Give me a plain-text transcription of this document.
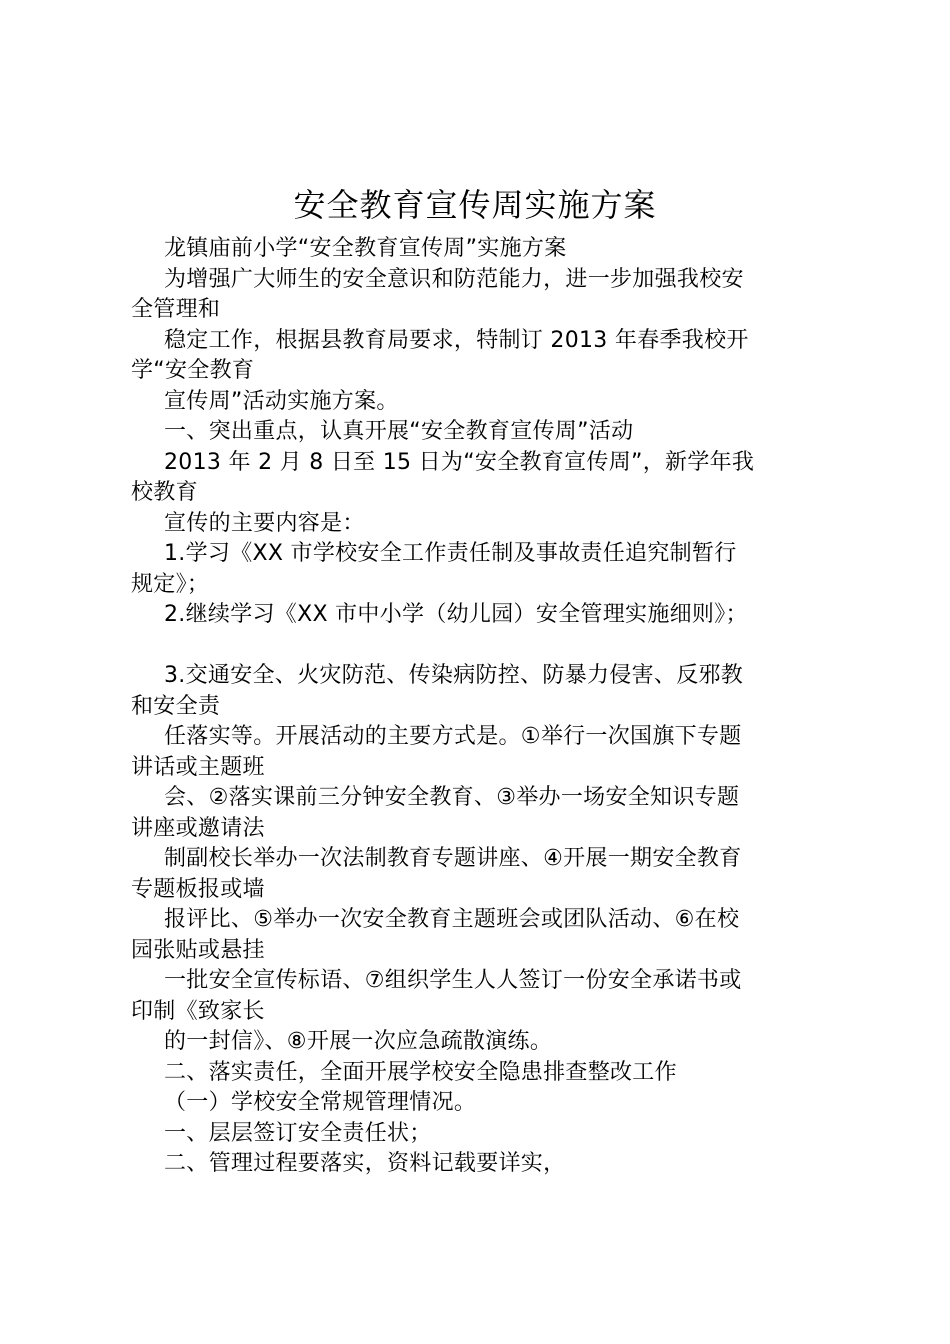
安全教育宣传周实施方案
龙镇庙前小学“安全教育宣传周”实施方案
为增强广大师生的安全意识和防范能力，进一步加强我校安
全管理和
稳定工作，根据县教育局要求，特制订 2013 年春季我校开
学“安全教育
宣传周”活动实施方案。
一、突出重点，认真开展“安全教育宣传周”活动
2013 年 2 月 8 日至 15 日为“安全教育宣传周”，新学年我
校教育
宣传的主要内容是：
1.学习《XX 市学校安全工作责任制及事故责任追究制暂行
规定》；
2.继续学习《XX 市中小学（幼儿园）安全管理实施细则》；
3.交通安全、火灾防范、传染病防控、防暴力侵害、反邪教
和安全责
任落实等。开展活动的主要方式是。①举行一次国旗下专题
讲话或主题班
会、②落实课前三分钟安全教育、③举办一场安全知识专题
讲座或邀请法
制副校长举办一次法制教育专题讲座、④开展一期安全教育
专题板报或墙
报评比、⑤举办一次安全教育主题班会或团队活动、⑥在校
园张贴或悬挂
一批安全宣传标语、⑦组织学生人人签订一份安全承诺书或
印制《致家长
的一封信》、⑧开展一次应急疏散演练。
二、落实责任，全面开展学校安全隐患排查整改工作
（一）学校安全常规管理情况。
一、层层签订安全责任状；
二、管理过程要落实，资料记载要详实，
